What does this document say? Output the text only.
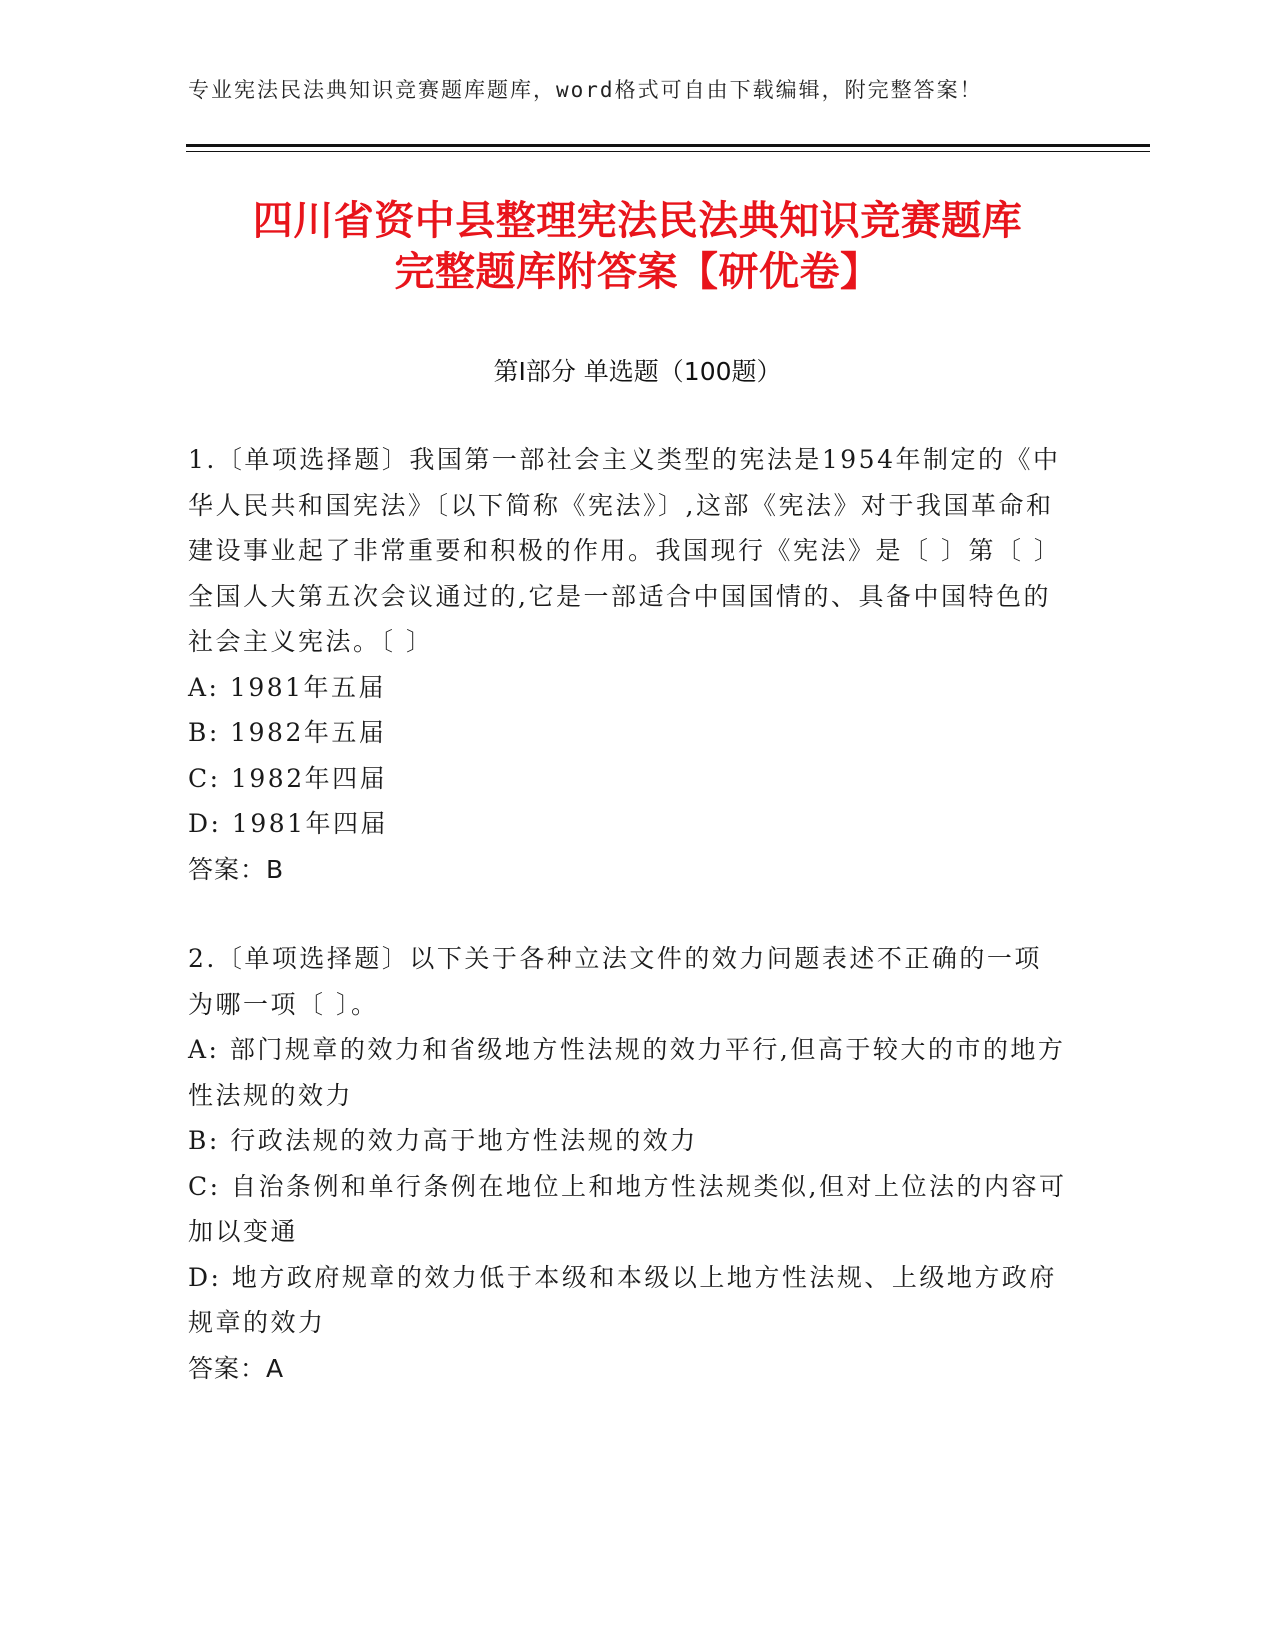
专业宪法民法典知识竞赛题库题库，word格式可自由下载编辑，附完整答案！
四川省资中县整理宪法民法典知识竞赛题库
完整题库附答案【研优卷】
第Ⅰ部分 单选题（100题）

1.〔单项选择题〕我国第一部社会主义类型的宪法是1954年制定的《中华人民共和国宪法》〔以下简称《宪法》〕,这部《宪法》对于我国革命和建设事业起了非常重要和积极的作用。我国现行《宪法》是〔 〕第〔 〕全国人大第五次会议通过的,它是一部适合中国国情的、具备中国特色的社会主义宪法。〔 〕

A: 1981年五届

B: 1982年五届

C: 1982年四届

D: 1981年四届

答案：B

2.〔单项选择题〕以下关于各种立法文件的效力问题表述不正确的一项为哪一项〔 〕。

A: 部门规章的效力和省级地方性法规的效力平行,但高于较大的市的地方性法规的效力

B: 行政法规的效力高于地方性法规的效力

C: 自治条例和单行条例在地位上和地方性法规类似,但对上位法的内容可加以变通

D: 地方政府规章的效力低于本级和本级以上地方性法规、上级地方政府规章的效力

答案：A
